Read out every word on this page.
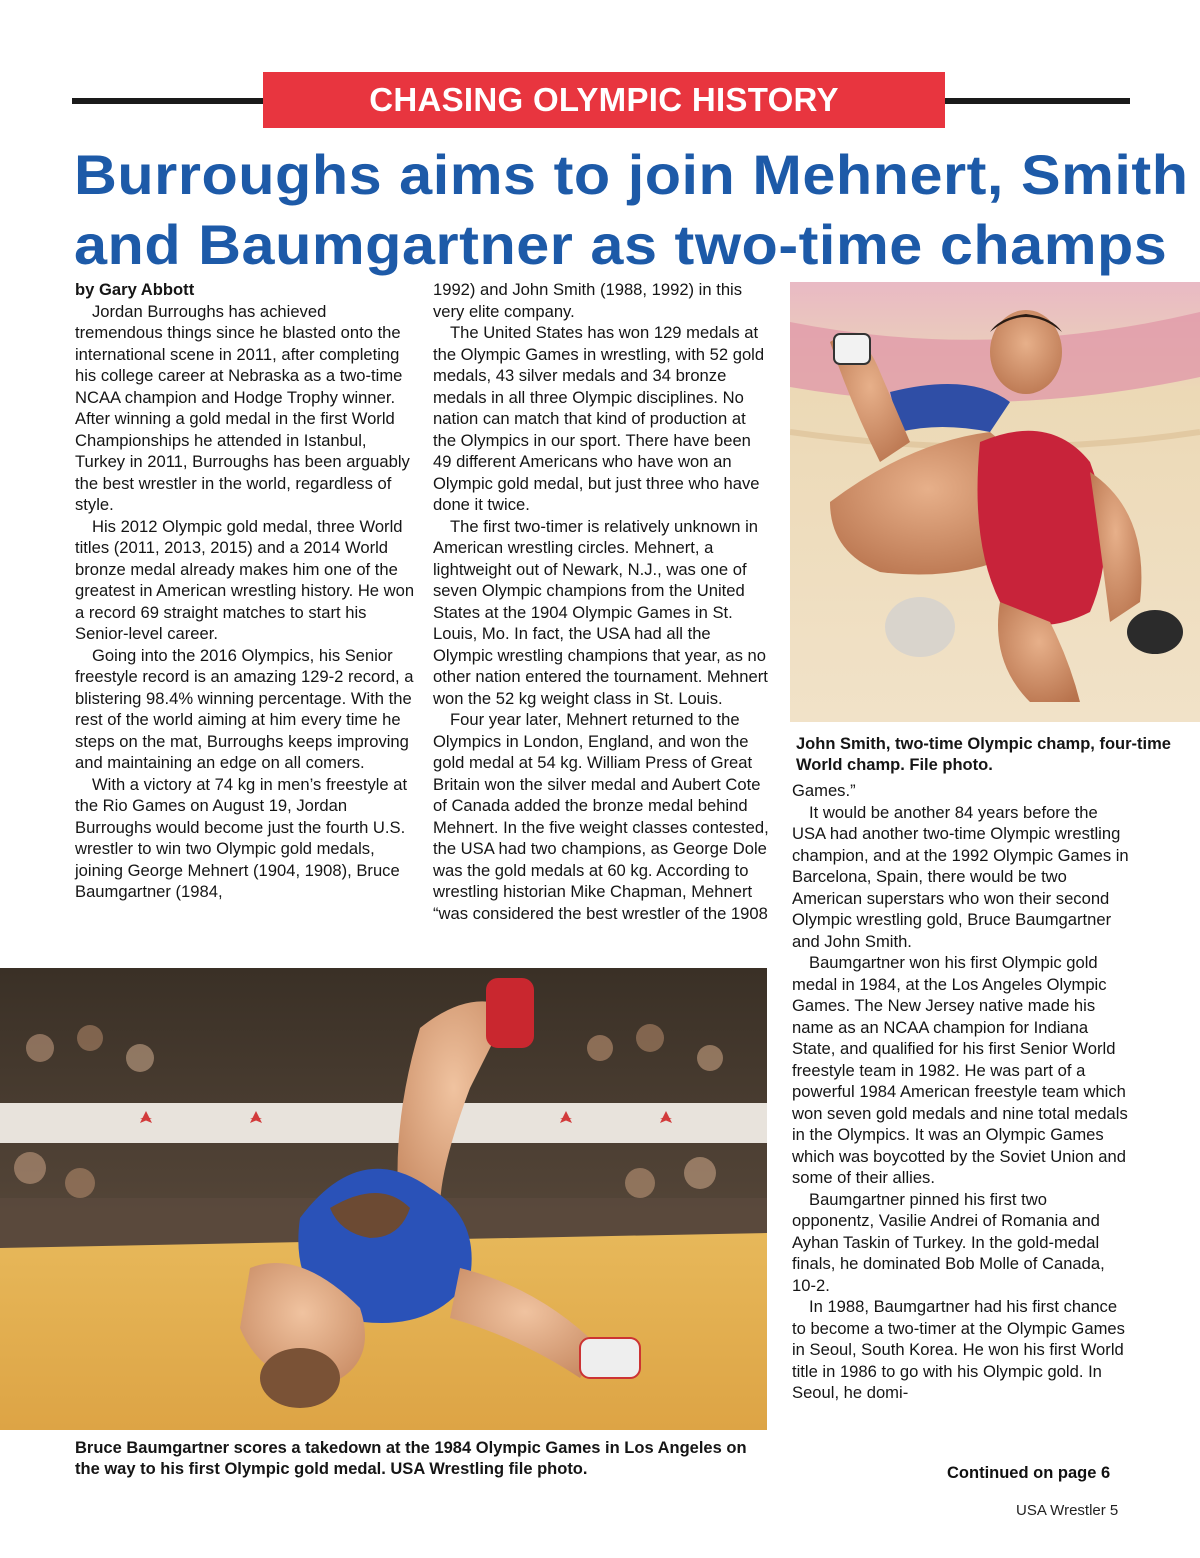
CHASING OLYMPIC HISTORY
Burroughs aims to join Mehnert, Smith
and Baumgartner as two-time champs
by Gary Abbott

Jordan Burroughs has achieved tremendous things since he blasted onto the international scene in 2011, after completing his college career at Nebraska as a two-time NCAA champion and Hodge Trophy winner. After winning a gold medal in the first World Championships he attended in Istanbul, Turkey in 2011, Burroughs has been arguably the best wrestler in the world, regardless of style.

His 2012 Olympic gold medal, three World titles (2011, 2013, 2015) and a 2014 World bronze medal already makes him one of the greatest in American wrestling history. He won a record 69 straight matches to start his Senior-level career.

Going into the 2016 Olympics, his Senior freestyle record is an amazing 129-2 record, a blistering 98.4% winning percentage. With the rest of the world aiming at him every time he steps on the mat, Burroughs keeps improving and maintaining an edge on all comers.

With a victory at 74 kg in men’s freestyle at the Rio Games on August 19, Jordan Burroughs would become just the fourth U.S. wrestler to win two Olympic gold medals, joining George Mehnert (1904, 1908), Bruce Baumgartner (1984,

1992) and John Smith (1988, 1992) in this very elite company.

The United States has won 129 medals at the Olympic Games in wrestling, with 52 gold medals, 43 silver medals and 34 bronze medals in all three Olympic disciplines. No nation can match that kind of production at the Olympics in our sport. There have been 49 different Americans who have won an Olympic gold medal, but just three who have done it twice.

The first two-timer is relatively unknown in American wrestling circles. Mehnert, a lightweight out of Newark, N.J., was one of seven Olympic champions from the United States at the 1904 Olympic Games in St. Louis, Mo. In fact, the USA had all the Olympic wrestling champions that year, as no other nation entered the tournament. Mehnert won the 52 kg weight class in St. Louis.

Four year later, Mehnert returned to the Olympics in London, England, and won the gold medal at 54 kg. William Press of Great Britain won the silver medal and Aubert Cote of Canada added the bronze medal behind Mehnert. In the five weight classes contested, the USA had two champions, as George Dole was the gold medals at 60 kg. According to wrestling historian Mike Chapman, Mehnert “was considered the best wrestler of the 1908

John Smith, two-time Olympic champ, four-time World champ. File photo.

Games.”

It would be another 84 years before the USA had another two-time Olympic wrestling champion, and at the 1992 Olympic Games in Barcelona, Spain, there would be two American superstars who won their second Olympic wrestling gold, Bruce Baumgartner and John Smith.

Baumgartner won his first Olympic gold medal in 1984, at the Los Angeles Olympic Games. The New Jersey native made his name as an NCAA champion for Indiana State, and qualified for his first Senior World freestyle team in 1982. He was part of a powerful 1984 American freestyle team which won seven gold medals and nine total medals in the Olympics. It was an Olympic Games which was boycotted by the Soviet Union and some of their allies.

Baumgartner pinned his first two opponentz, Vasilie Andrei of Romania and Ayhan Taskin of Turkey. In the gold-medal finals, he dominated Bob Molle of Canada, 10-2.

In 1988, Baumgartner had his first chance to become a two-timer at the Olympic Games in Seoul, South Korea. He won his first World title in 1986 to go with his Olympic gold. In Seoul, he domi-

Bruce Baumgartner scores a takedown at the 1984 Olympic Games in Los Angeles on the way to his first Olympic gold medal. USA Wrestling file photo.	Continued on page 6
USA Wrestler 5
